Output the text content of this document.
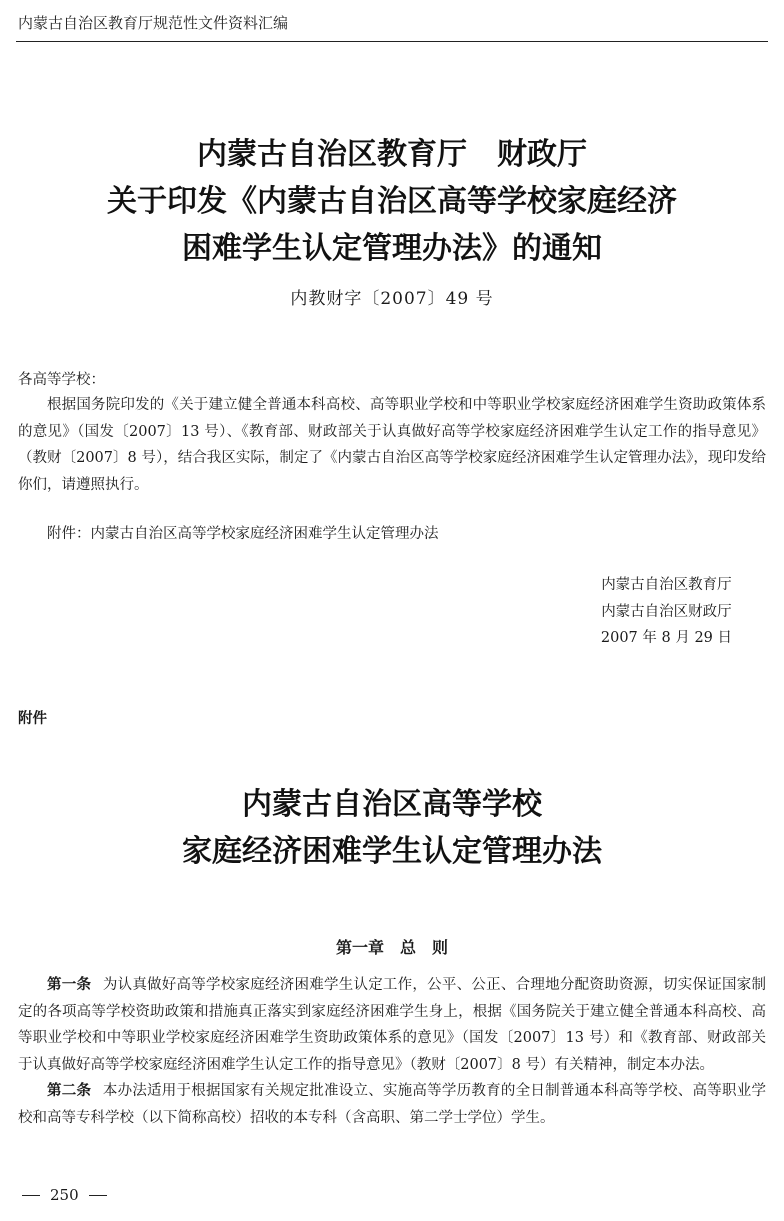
内蒙古自治区教育厅规范性文件资料汇编
内蒙古自治区教育厅　财政厅
关于印发《内蒙古自治区高等学校家庭经济
困难学生认定管理办法》的通知
内教财字〔2007〕49 号

各高等学校：

根据国务院印发的《关于建立健全普通本科高校、高等职业学校和中等职业学校家庭经济困难学生资助政策体系的意见》（国发〔2007〕13 号）、《教育部、财政部关于认真做好高等学校家庭经济困难学生认定工作的指导意见》（教财〔2007〕8 号），结合我区实际，制定了《内蒙古自治区高等学校家庭经济困难学生认定管理办法》，现印发给你们，请遵照执行。

附件：内蒙古自治区高等学校家庭经济困难学生认定管理办法

内蒙古自治区教育厅
内蒙古自治区财政厅
2007 年 8 月 29 日
附件
内蒙古自治区高等学校
家庭经济困难学生认定管理办法
第一章　总　则

第一条 为认真做好高等学校家庭经济困难学生认定工作，公平、公正、合理地分配资助资源，切实保证国家制定的各项高等学校资助政策和措施真正落实到家庭经济困难学生身上，根据《国务院关于建立健全普通本科高校、高等职业学校和中等职业学校家庭经济困难学生资助政策体系的意见》（国发〔2007〕13 号）和《教育部、财政部关于认真做好高等学校家庭经济困难学生认定工作的指导意见》（教财〔2007〕8 号）有关精神，制定本办法。

第二条 本办法适用于根据国家有关规定批准设立、实施高等学历教育的全日制普通本科高等学校、高等职业学校和高等专科学校（以下简称高校）招收的本专科（含高职、第二学士学位）学生。

250
